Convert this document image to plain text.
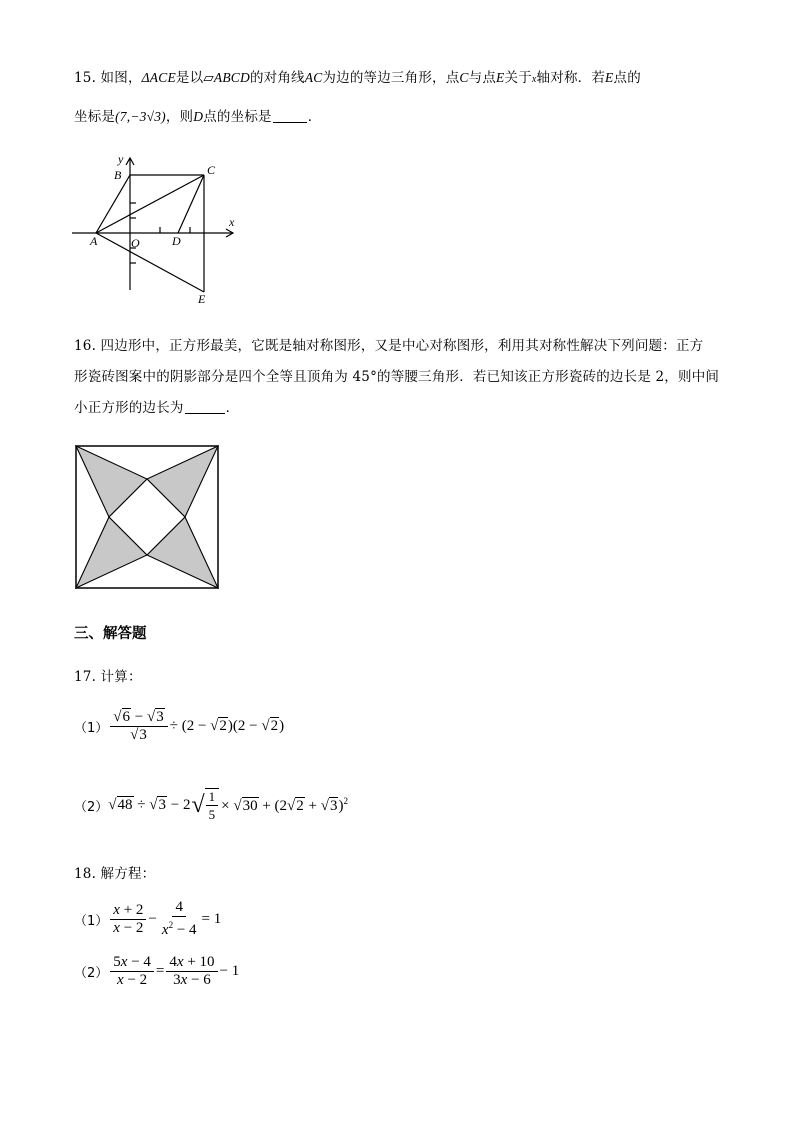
15. 如图，ΔACE是以▱ABCD的对角线AC为边的等边三角形，点C与点E关于x轴对称．若E点的
坐标是(7,−3√3)，则D点的坐标是	．
y
x
B	C
A	O	D
E
16. 四边形中，正方形最美，它既是轴对称图形，又是中心对称图形，利用其对称性解决下列问题：正方
形瓷砖图案中的阴影部分是四个全等且顶角为 45°的等腰三角形．若已知该正方形瓷砖的边长是 2，则中间
小正方形的边长为	．
三、解答题
17. 计算：
$(1) \frac{√6 - √3}{√3} \div (2 - √2)(2 - √2)$
（2） √48 ÷ √3 − 2 √ $\frac{1}{5} \times √30 + (2√2 + √3)^2$
18. 解方程：
$(1) \frac{x + 2}{x - 2} - \frac{4}{x^2 - 4} = 1$
$(2) \frac{5x - 4}{x - 2} = \frac{4x + 10}{3x - 6} - 1$
